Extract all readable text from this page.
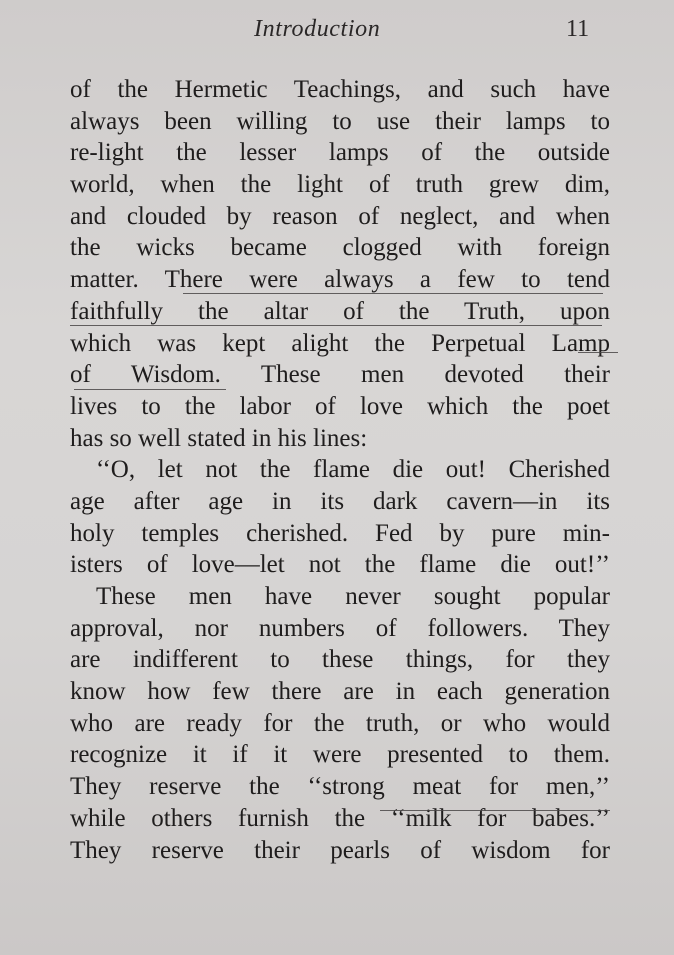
Introduction	11
of the Hermetic Teachings, and such have
always been willing to use their lamps to
re-light the lesser lamps of the outside
world, when the light of truth grew dim,
and clouded by reason of neglect, and when
the wicks became clogged with foreign
matter. There were always a few to tend
faithfully the altar of the Truth, upon
which was kept alight the Perpetual Lamp
of Wisdom. These men devoted their
lives to the labor of love which the poet
has so well stated in his lines:
‘‘O, let not the flame die out! Cherished
age after age in its dark cavern—in its
holy temples cherished. Fed by pure min-
isters of love—let not the flame die out!’’
These men have never sought popular
approval, nor numbers of followers. They
are indifferent to these things, for they
know how few there are in each generation
who are ready for the truth, or who would
recognize it if it were presented to them.
They reserve the ‘‘strong meat for men,’’
while others furnish the ‘‘milk for babes.’’
They reserve their pearls of wisdom for
